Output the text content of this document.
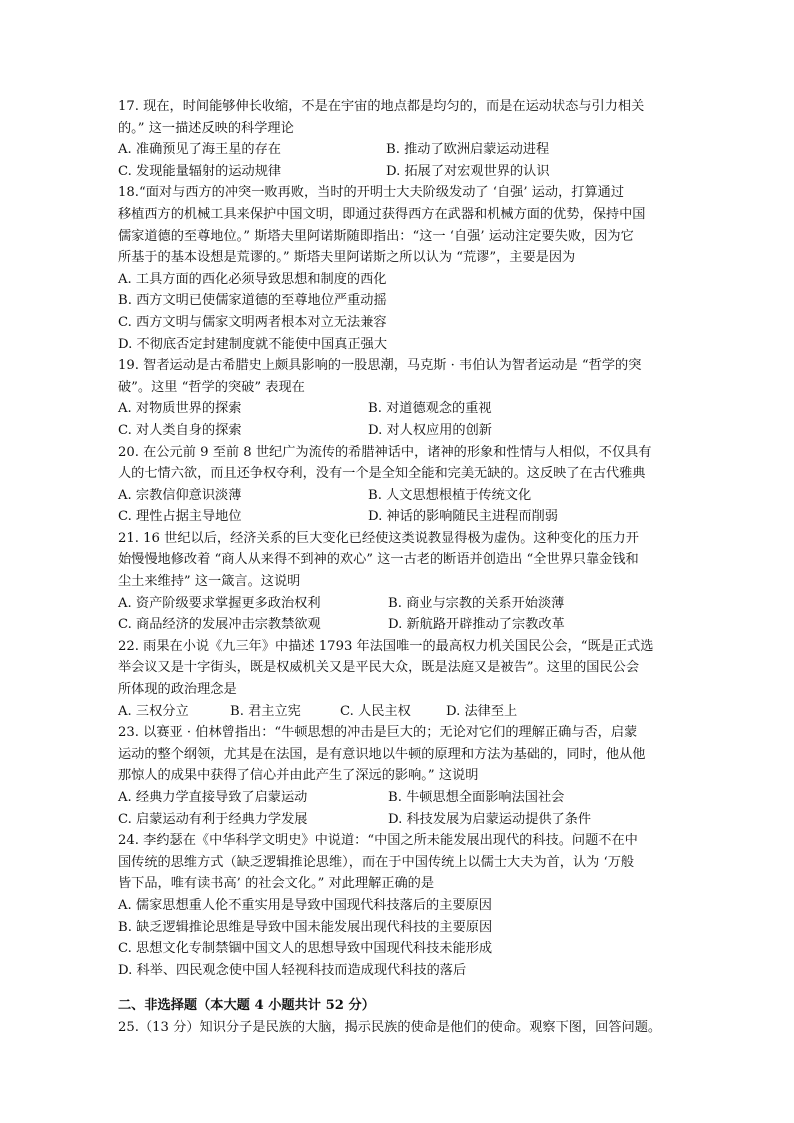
17. 现在，时间能够伸长收缩，不是在宇宙的地点都是均匀的，而是在运动状态与引力相关
的。” 这一描述反映的科学理论
A. 准确预见了海王星的存在	B. 推动了欧洲启蒙运动进程
C. 发现能量辐射的运动规律	D. 拓展了对宏观世界的认识
18.“面对与西方的冲突一败再败，当时的开明士大夫阶级发动了 ‘自强’ 运动，打算通过
移植西方的机械工具来保护中国文明，即通过获得西方在武器和机械方面的优势，保持中国
儒家道德的至尊地位。” 斯塔夫里阿诺斯随即指出：“这一 ‘自强’ 运动注定要失败，因为它
所基于的基本设想是荒谬的。” 斯塔夫里阿诺斯之所以认为 “荒谬”，主要是因为
A. 工具方面的西化必须导致思想和制度的西化
B. 西方文明已使儒家道德的至尊地位严重动摇
C. 西方文明与儒家文明两者根本对立无法兼容
D. 不彻底否定封建制度就不能使中国真正强大
19. 智者运动是古希腊史上颇具影响的一股思潮，马克斯 · 韦伯认为智者运动是 “哲学的突
破”。这里 “哲学的突破” 表现在
A. 对物质世界的探索	B. 对道德观念的重视
C. 对人类自身的探索	D. 对人权应用的创新
20. 在公元前 9 至前 8 世纪广为流传的希腊神话中，诸神的形象和性情与人相似，不仅具有
人的七情六欲，而且还争权夺利，没有一个是全知全能和完美无缺的。这反映了在古代雅典
A. 宗教信仰意识淡薄	B. 人文思想根植于传统文化
C. 理性占据主导地位	D. 神话的影响随民主进程而削弱
21. 16 世纪以后，经济关系的巨大变化已经使这类说教显得极为虚伪。这种变化的压力开
始慢慢地修改着 “商人从来得不到神的欢心” 这一古老的断语并创造出 “全世界只靠金钱和
尘土来维持” 这一箴言。这说明
A. 资产阶级要求掌握更多政治权利	B. 商业与宗教的关系开始淡薄
C. 商品经济的发展冲击宗教禁欲观	D. 新航路开辟推动了宗教改革
22. 雨果在小说《九三年》中描述 1793 年法国唯一的最高权力机关国民公会，“既是正式选
举会议又是十字街头，既是权威机关又是平民大众，既是法庭又是被告”。这里的国民公会
所体现的政治理念是
A. 三权分立	B. 君主立宪	C. 人民主权	D. 法律至上
23. 以赛亚 · 伯林曾指出：“牛顿思想的冲击是巨大的；无论对它们的理解正确与否，启蒙
运动的整个纲领，尤其是在法国，是有意识地以牛顿的原理和方法为基础的，同时，他从他
那惊人的成果中获得了信心并由此产生了深远的影响。” 这说明
A. 经典力学直接导致了启蒙运动	B. 牛顿思想全面影响法国社会
C. 启蒙运动有利于经典力学发展	D. 科技发展为启蒙运动提供了条件
24. 李约瑟在《中华科学文明史》中说道：“中国之所未能发展出现代的科技。问题不在中
国传统的思维方式（缺乏逻辑推论思维），而在于中国传统上以儒士大夫为首，认为 ‘万般
皆下品，唯有读书高’ 的社会文化。” 对此理解正确的是
A. 儒家思想重人伦不重实用是导致中国现代科技落后的主要原因
B. 缺乏逻辑推论思维是导致中国未能发展出现代科技的主要原因
C. 思想文化专制禁锢中国文人的思想导致中国现代科技未能形成
D. 科举、四民观念使中国人轻视科技而造成现代科技的落后
二、非选择题（本大题 4 小题共计 52 分）
25.（13 分）知识分子是民族的大脑，揭示民族的使命是他们的使命。观察下图，回答问题。
